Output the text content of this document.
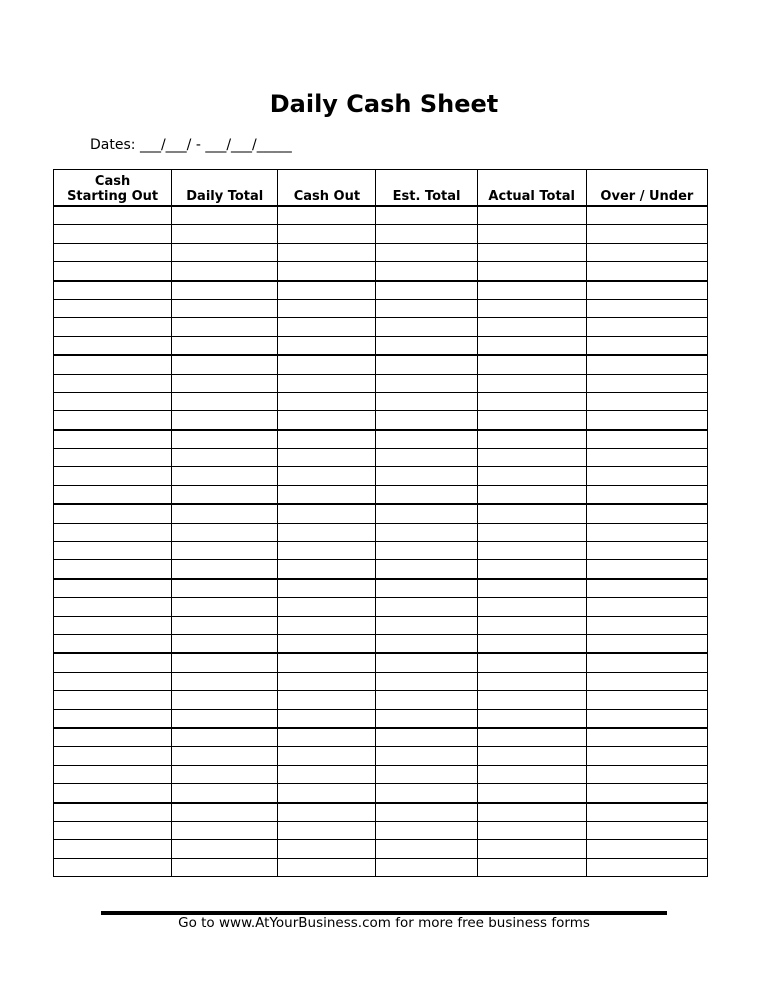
Daily Cash Sheet
Dates: ___/___/ - ___/___/_____
Cash
Starting Out	Daily Total	Cash Out	Est. Total	Actual Total	Over / Under

Go to www.AtYourBusiness.com for more free business forms
